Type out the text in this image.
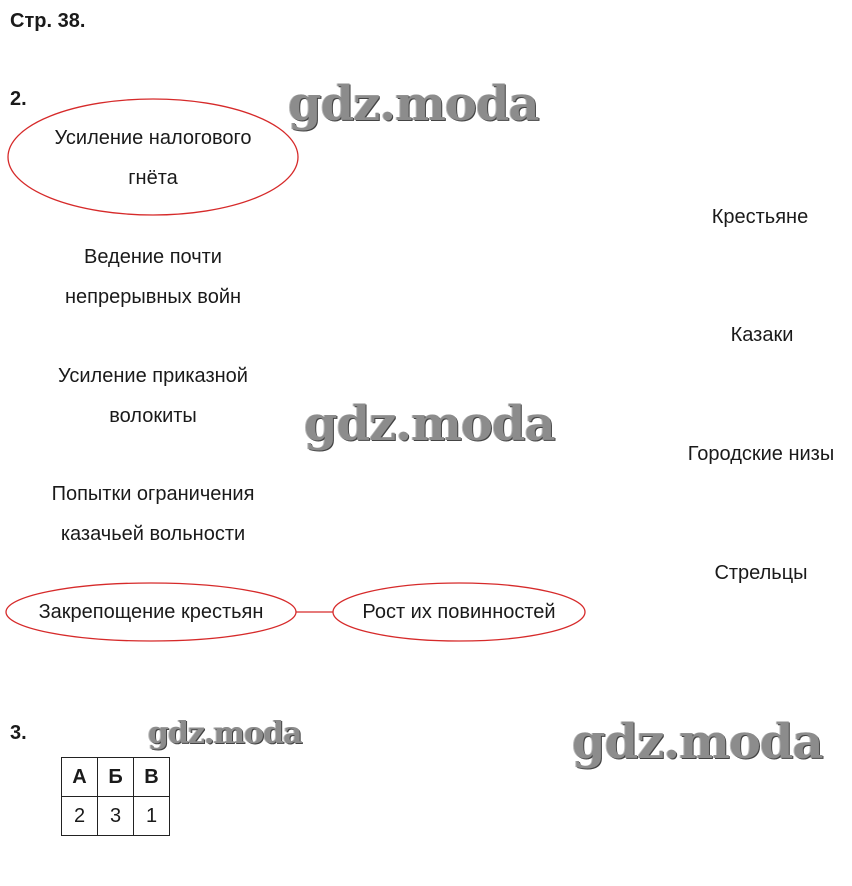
Стр. 38.
2.	gdz.moda
gdz.moda
gdz.moda	gdz.moda
Усиление налогового
гнёта
Ведение почти
непрерывных войн
Усиление приказной
волокиты
Попытки ограничения
казачьей вольности
Закрепощение крестьян	Рост их повинностей
Крестьяне
Казаки
Городские низы
Стрельцы
3.
А	Б	В
2	3	1
